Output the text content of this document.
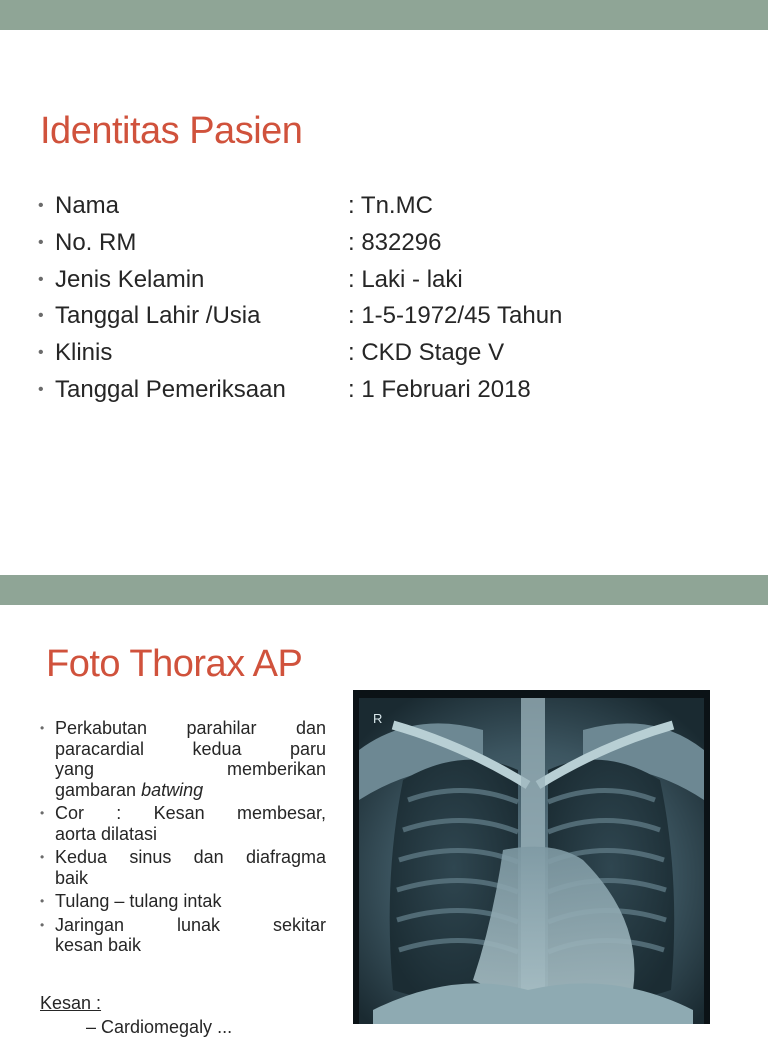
Identitas Pasien
• Nama	: Tn.MC
• No. RM	: 832296
• Jenis Kelamin	: Laki - laki
• Tanggal Lahir /Usia	: 1-5-1972/45 Tahun
• Klinis	: CKD Stage V
• Tanggal Pemeriksaan	: 1 Februari 2018
Foto Thorax AP
• Perkabutan parahilar dan
paracardial kedua paru
yang memberikan
gambaran batwing
• Cor : Kesan membesar,
aorta dilatasi
• Kedua sinus dan diafragma
baik
• Tulang – tulang intak
• Jaringan lunak sekitar
kesan baik
Kesan :
– Cardiomegaly ...
R
